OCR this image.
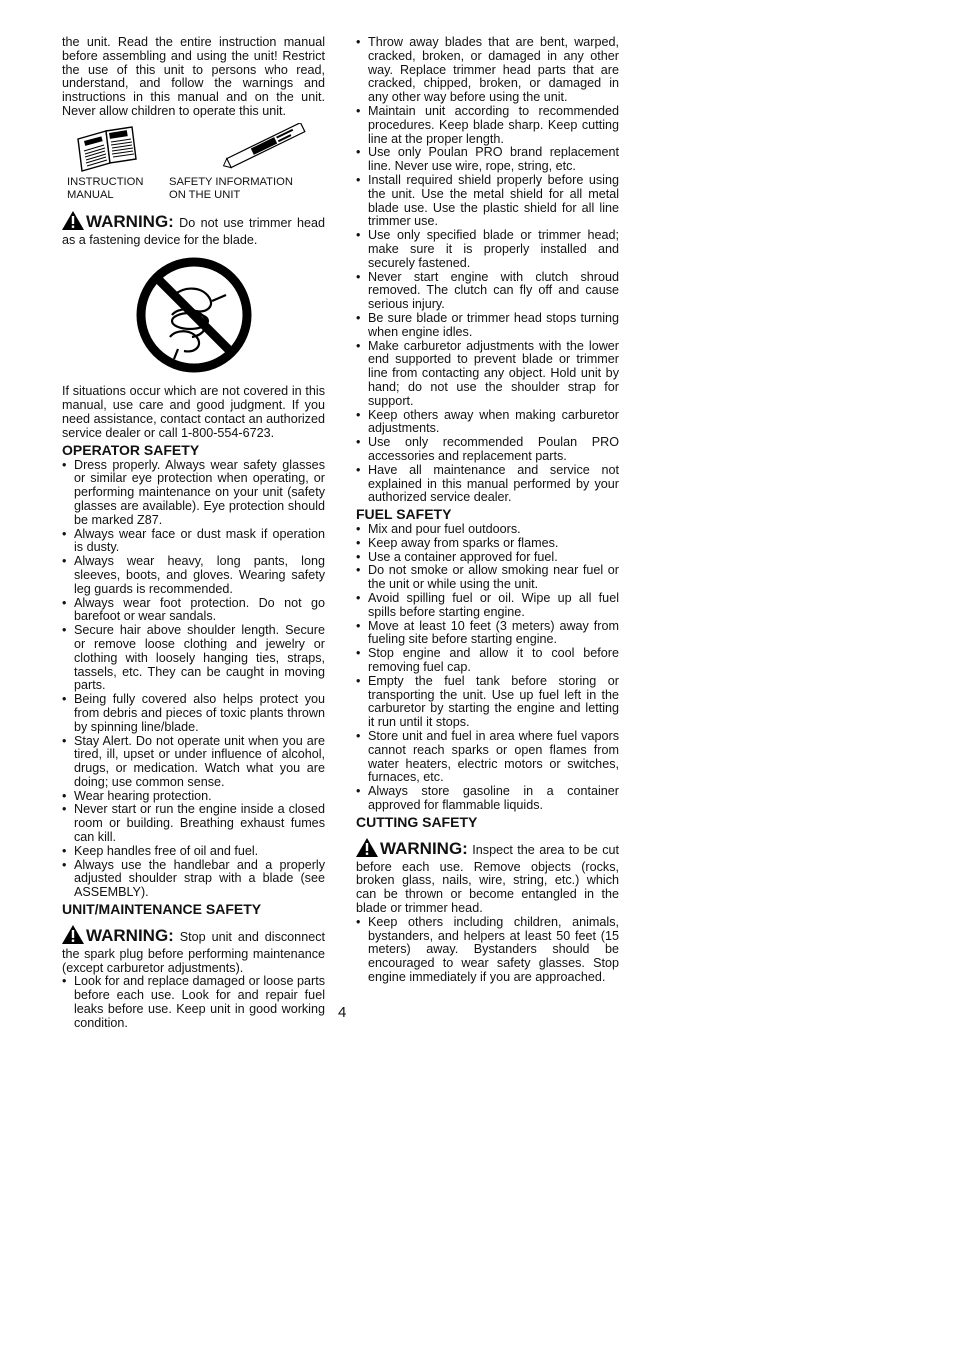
the unit. Read the entire instruction manual before assembling and using the unit! Restrict the use of this unit to persons who read, understand, and follow the warnings and instructions in this manual and on the unit. Never allow children to operate this unit.

INSTRUCTION MANUAL
SAFETY INFORMATION ON THE UNIT

WARNING: Do not use trimmer head as a fastening device for the blade.

If situations occur which are not covered in this manual, use care and good judgment. If you need assistance, contact contact an authorized service dealer or call 1-800-554-6723.

OPERATOR SAFETY
• Dress properly. Always wear safety glasses or similar eye protection when operating, or performing maintenance on your unit (safety glasses are available). Eye protection should be marked Z87.
• Always wear face or dust mask if operation is dusty.
• Always wear heavy, long pants, long sleeves, boots, and gloves. Wearing safety leg guards is recommended.
• Always wear foot protection. Do not go barefoot or wear sandals.
• Secure hair above shoulder length. Secure or remove loose clothing and jewelry or clothing with loosely hanging ties, straps, tassels, etc. They can be caught in moving parts.
• Being fully covered also helps protect you from debris and pieces of toxic plants thrown by spinning line/blade.
• Stay Alert. Do not operate unit when you are tired, ill, upset or under influence of alcohol, drugs, or medication. Watch what you are doing; use common sense.
• Wear hearing protection.
• Never start or run the engine inside a closed room or building. Breathing exhaust fumes can kill.
• Keep handles free of oil and fuel.
• Always use the handlebar and a properly adjusted shoulder strap with a blade (see ASSEMBLY).
UNIT/MAINTENANCE SAFETY

WARNING: Stop unit and disconnect the spark plug before performing maintenance (except carburetor adjustments).

• Look for and replace damaged or loose parts before each use. Look for and repair fuel leaks before use. Keep unit in good working condition.
• Throw away blades that are bent, warped, cracked, broken, or damaged in any other way. Replace trimmer head parts that are cracked, chipped, broken, or damaged in any other way before using the unit.
• Maintain unit according to recommended procedures. Keep blade sharp. Keep cutting line at the proper length.
• Use only Poulan PRO brand replacement line. Never use wire, rope, string, etc.
• Install required shield properly before using the unit. Use the metal shield for all metal blade use. Use the plastic shield for all line trimmer use.
• Use only specified blade or trimmer head; make sure it is properly installed and securely fastened.
• Never start engine with clutch shroud removed. The clutch can fly off and cause serious injury.
• Be sure blade or trimmer head stops turning when engine idles.
• Make carburetor adjustments with the lower end supported to prevent blade or trimmer line from contacting any object. Hold unit by hand; do not use the shoulder strap for support.
• Keep others away when making carburetor adjustments.
• Use only recommended Poulan PRO accessories and replacement parts.
• Have all maintenance and service not explained in this manual performed by your authorized service dealer.
FUEL SAFETY
• Mix and pour fuel outdoors.
• Keep away from sparks or flames.
• Use a container approved for fuel.
• Do not smoke or allow smoking near fuel or the unit or while using the unit.
• Avoid spilling fuel or oil. Wipe up all fuel spills before starting engine.
• Move at least 10 feet (3 meters) away from fueling site before starting engine.
• Stop engine and allow it to cool before removing fuel cap.
• Empty the fuel tank before storing or transporting the unit. Use up fuel left in the carburetor by starting the engine and letting it run until it stops.
• Store unit and fuel in area where fuel vapors cannot reach sparks or open flames from water heaters, electric motors or switches, furnaces, etc.
• Always store gasoline in a container approved for flammable liquids.
CUTTING SAFETY

WARNING: Inspect the area to be cut before each use. Remove objects (rocks, broken glass, nails, wire, string, etc.) which can be thrown or become entangled in the blade or trimmer head.

• Keep others including children, animals, bystanders, and helpers at least 50 feet (15 meters) away. Bystanders should be encouraged to wear safety glasses. Stop engine immediately if you are approached.
4
